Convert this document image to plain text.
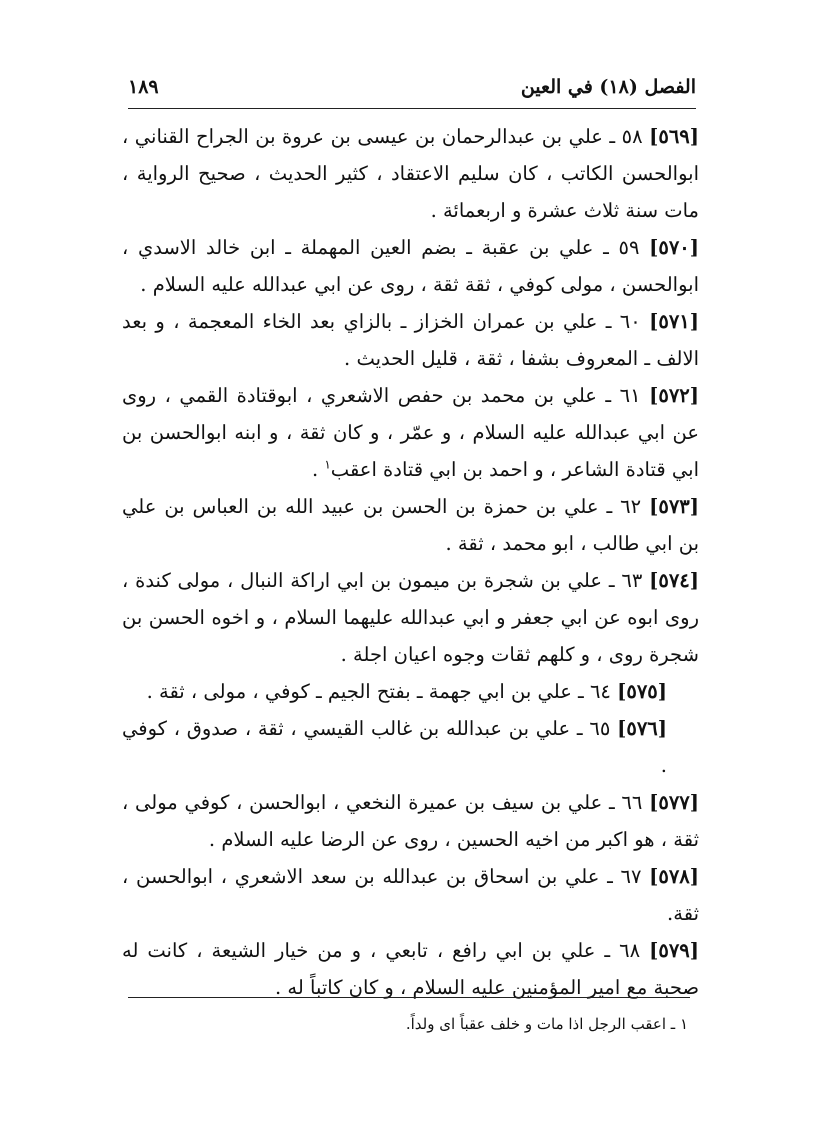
الفصل (١٨) في العين
١٨٩

[٥٦٩] ٥٨ ـ علي بن عبدالرحمان بن عيسى بن عروة بن الجراح القناني ، ابوالحسن الكاتب ، كان سليم الاعتقاد ، كثير الحديث ، صحيح الرواية ، مات سنة ثلاث عشرة و اربعمائة .

[٥٧٠] ٥٩ ـ علي بن عقبة ـ بضم العين المهملة ـ ابن خالد الاسدي ، ابوالحسن ، مولى كوفي ، ثقة ثقة ، روى عن ابي عبدالله عليه السلام .

[٥٧١] ٦٠ ـ علي بن عمران الخزاز ـ بالزاي بعد الخاء المعجمة ، و بعد الالف ـ المعروف بشفا ، ثقة ، قليل الحديث .

[٥٧٢] ٦١ ـ علي بن محمد بن حفص الاشعري ، ابوقتادة القمي ، روى عن ابي عبدالله عليه السلام ، و عمّر ، و كان ثقة ، و ابنه ابوالحسن بن ابي قتادة الشاعر ، و احمد بن ابي قتادة اعقب$^١$ .

[٥٧٣] ٦٢ ـ علي بن حمزة بن الحسن بن عبيد الله بن العباس بن علي بن ابي طالب ، ابو محمد ، ثقة .

[٥٧٤] ٦٣ ـ علي بن شجرة بن ميمون بن ابي اراكة النبال ، مولى كندة ، روى ابوه عن ابي جعفر و ابي عبدالله عليهما السلام ، و اخوه الحسن بن شجرة روى ، و كلهم ثقات وجوه اعيان اجلة .

[٥٧٥] ٦٤ ـ علي بن ابي جهمة ـ بفتح الجيم ـ كوفي ، مولى ، ثقة .

[٥٧٦] ٦٥ ـ علي بن عبدالله بن غالب القيسي ، ثقة ، صدوق ، كوفي .

[٥٧٧] ٦٦ ـ علي بن سيف بن عميرة النخعي ، ابوالحسن ، كوفي مولى ، ثقة ، هو اكبر من اخيه الحسين ، روى عن الرضا عليه السلام .

[٥٧٨] ٦٧ ـ علي بن اسحاق بن عبدالله بن سعد الاشعري ، ابوالحسن ، ثقة.

[٥٧٩] ٦٨ ـ علي بن ابي رافع ، تابعي ، و من خيار الشيعة ، كانت له صحبة مع امير المؤمنين عليه السلام ، و كان كاتباً له .

١ ـ اعقب الرجل اذا مات و خلف عقباً اى ولداً.
